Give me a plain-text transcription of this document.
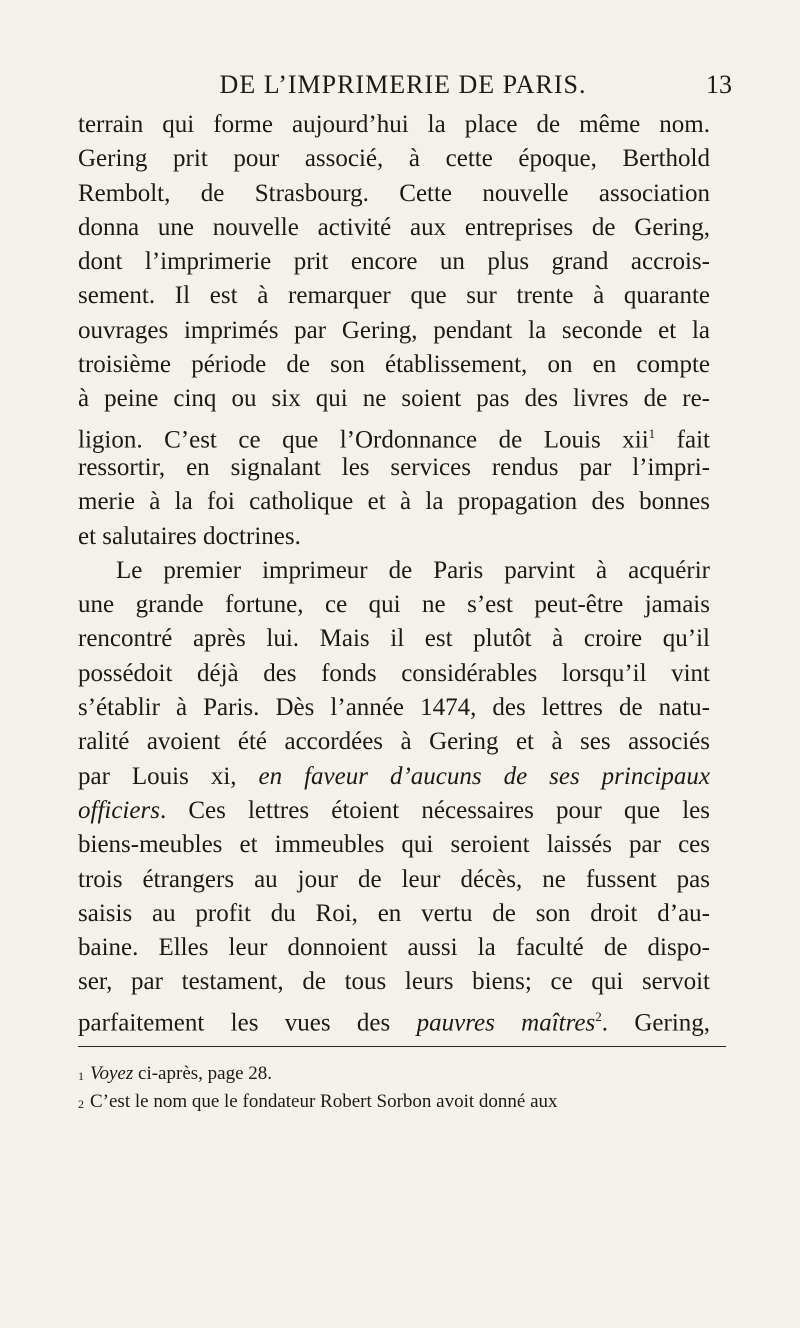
DE L’IMPRIMERIE DE PARIS.	13
terrain qui forme aujourd’hui la place de même nom.
Gering prit pour associé, à cette époque, Berthold
Rembolt, de Strasbourg. Cette nouvelle association
donna une nouvelle activité aux entreprises de Gering,
dont l’imprimerie prit encore un plus grand accrois-
sement. Il est à remarquer que sur trente à quarante
ouvrages imprimés par Gering, pendant la seconde et la
troisième période de son établissement, on en compte
à peine cinq ou six qui ne soient pas des livres de re-
ligion. C’est ce que l’Ordonnance de Louis xii$^1$ fait
ressortir, en signalant les services rendus par l’impri-
merie à la foi catholique et à la propagation des bonnes
et salutaires doctrines.
Le premier imprimeur de Paris parvint à acquérir
une grande fortune, ce qui ne s’est peut-être jamais
rencontré après lui. Mais il est plutôt à croire qu’il
possédoit déjà des fonds considérables lorsqu’il vint
s’établir à Paris. Dès l’année 1474, des lettres de natu-
ralité avoient été accordées à Gering et à ses associés
par Louis xi, en faveur d’aucuns de ses principaux
officiers. Ces lettres étoient nécessaires pour que les
biens-meubles et immeubles qui seroient laissés par ces
trois étrangers au jour de leur décès, ne fussent pas
saisis au profit du Roi, en vertu de son droit d’au-
baine. Elles leur donnoient aussi la faculté de dispo-
ser, par testament, de tous leurs biens; ce qui servoit
parfaitement les vues des pauvres maîtres$^2$. Gering,
$^1$ Voyez ci-après, page 28.
$^2$ C’est le nom que le fondateur Robert Sorbon avoit donné aux
